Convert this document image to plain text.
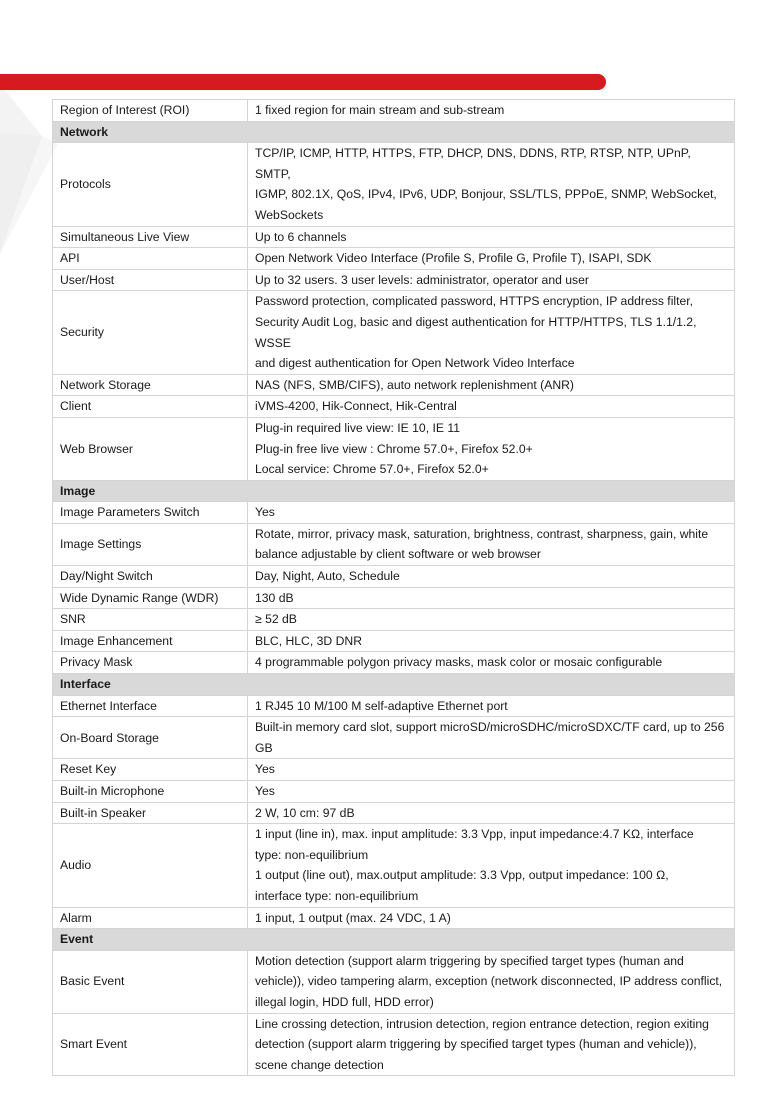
Region of Interest (ROI)	1 fixed region for main stream and sub-stream

Network	
Protocols	TCP/IP, ICMP, HTTP, HTTPS, FTP, DHCP, DNS, DDNS, RTP, RTSP, NTP, UPnP, SMTP,
IGMP, 802.1X, QoS, IPv4, IPv6, UDP, Bonjour, SSL/TLS, PPPoE, SNMP, WebSocket,
WebSockets

Simultaneous Live View	Up to 6 channels

API	Open Network Video Interface (Profile S, Profile G, Profile T), ISAPI, SDK

User/Host	Up to 32 users. 3 user levels: administrator, operator and user

Security	Password protection, complicated password, HTTPS encryption, IP address filter,
Security Audit Log, basic and digest authentication for HTTP/HTTPS, TLS 1.1/1.2, WSSE
and digest authentication for Open Network Video Interface

Network Storage	NAS (NFS, SMB/CIFS), auto network replenishment (ANR)

Client	iVMS-4200, Hik-Connect, Hik-Central

Web Browser	Plug-in required live view: IE 10, IE 11
Plug-in free live view : Chrome 57.0+, Firefox 52.0+
Local service: Chrome 57.0+, Firefox 52.0+

Image	
Image Parameters Switch	Yes

Image Settings	Rotate, mirror, privacy mask, saturation, brightness, contrast, sharpness, gain, white
balance adjustable by client software or web browser

Day/Night Switch	Day, Night, Auto, Schedule

Wide Dynamic Range (WDR)	130 dB

SNR	≥ 52 dB

Image Enhancement	BLC, HLC, 3D DNR

Privacy Mask	4 programmable polygon privacy masks, mask color or mosaic configurable

Interface	
Ethernet Interface	1 RJ45 10 M/100 M self-adaptive Ethernet port

On-Board Storage	Built-in memory card slot, support microSD/microSDHC/microSDXC/TF card, up to 256
GB

Reset Key	Yes

Built-in Microphone	Yes

Built-in Speaker	2 W, 10 cm: 97 dB

Audio	1 input (line in), max. input amplitude: 3.3 Vpp, input impedance:4.7 KΩ, interface
type: non-equilibrium
1 output (line out), max.output amplitude: 3.3 Vpp, output impedance: 100 Ω,
interface type: non-equilibrium

Alarm	1 input, 1 output (max. 24 VDC, 1 A)

Event	
Basic Event	Motion detection (support alarm triggering by specified target types (human and
vehicle)), video tampering alarm, exception (network disconnected, IP address conflict,
illegal login, HDD full, HDD error)

Smart Event	Line crossing detection, intrusion detection, region entrance detection, region exiting
detection (support alarm triggering by specified target types (human and vehicle)),
scene change detection
